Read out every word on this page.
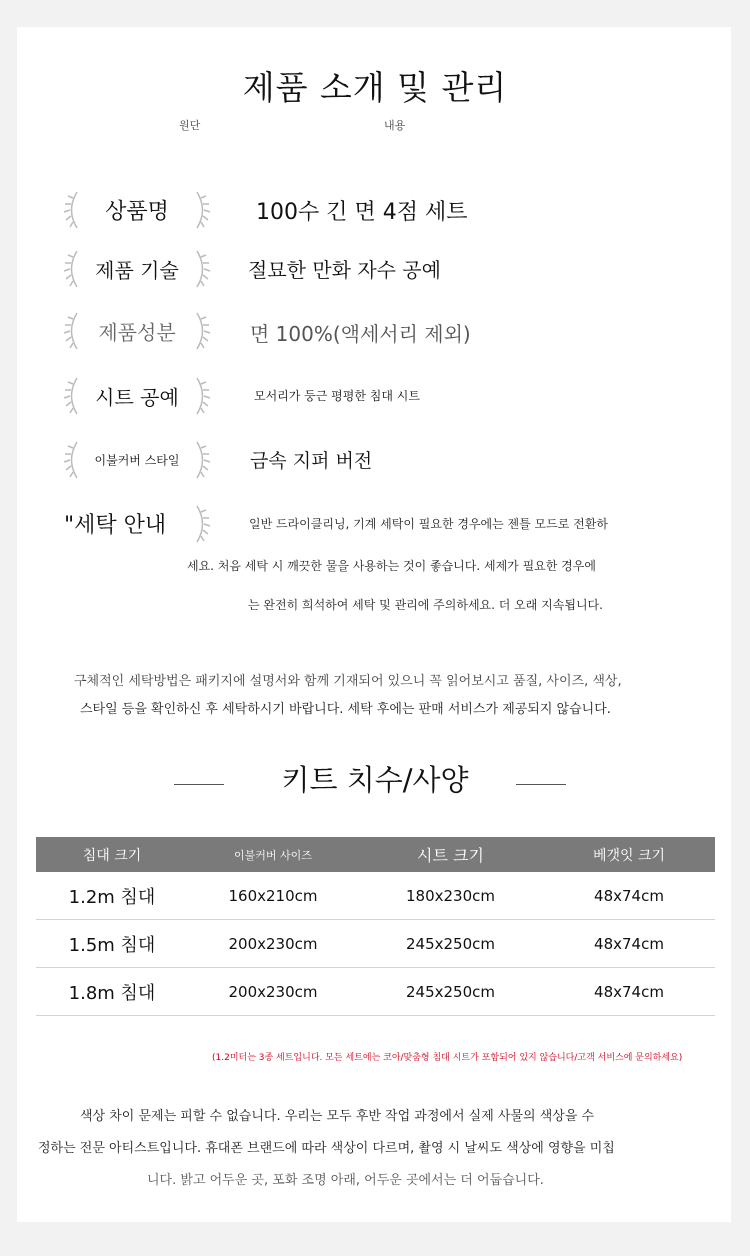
제품 소개 및 관리
원단	내용
상품명	100수 긴 면 4점 세트
제품 기술	절묘한 만화 자수 공예
제품성분	면 100%(액세서리 제외)
시트 공예	모서리가 둥근 평평한 침대 시트
이불커버 스타일	금속 지퍼 버전
"세탁 안내	일반 드라이클리닝, 기계 세탁이 필요한 경우에는 젠틀 모드로 전환하
세요. 처음 세탁 시 깨끗한 물을 사용하는 것이 좋습니다. 세제가 필요한 경우에
는 완전히 희석하여 세탁 및 관리에 주의하세요. 더 오래 지속됩니다.
구체적인 세탁방법은 패키지에 설명서와 함께 기재되어 있으니 꼭 읽어보시고 품질, 사이즈, 색상,
스타일 등을 확인하신 후 세탁하시기 바랍니다. 세탁 후에는 판매 서비스가 제공되지 않습니다.
키트 치수/사양
침대 크기	이불커버 사이즈	시트 크기	베갯잇 크기
1.2m 침대	160x210cm	180x230cm	48x74cm
1.5m 침대	200x230cm	245x250cm	48x74cm
1.8m 침대	200x230cm	245x250cm	48x74cm
(1.2미터는 3종 세트입니다. 모든 세트에는 코아/맞춤형 침대 시트가 포함되어 있지 않습니다/고객 서비스에 문의하세요)
색상 차이 문제는 피할 수 없습니다. 우리는 모두 후반 작업 과정에서 실제 사물의 색상을 수
정하는 전문 아티스트입니다. 휴대폰 브랜드에 따라 색상이 다르며, 촬영 시 날씨도 색상에 영향을 미칩
니다. 밝고 어두운 곳, 포화 조명 아래, 어두운 곳에서는 더 어둡습니다.
